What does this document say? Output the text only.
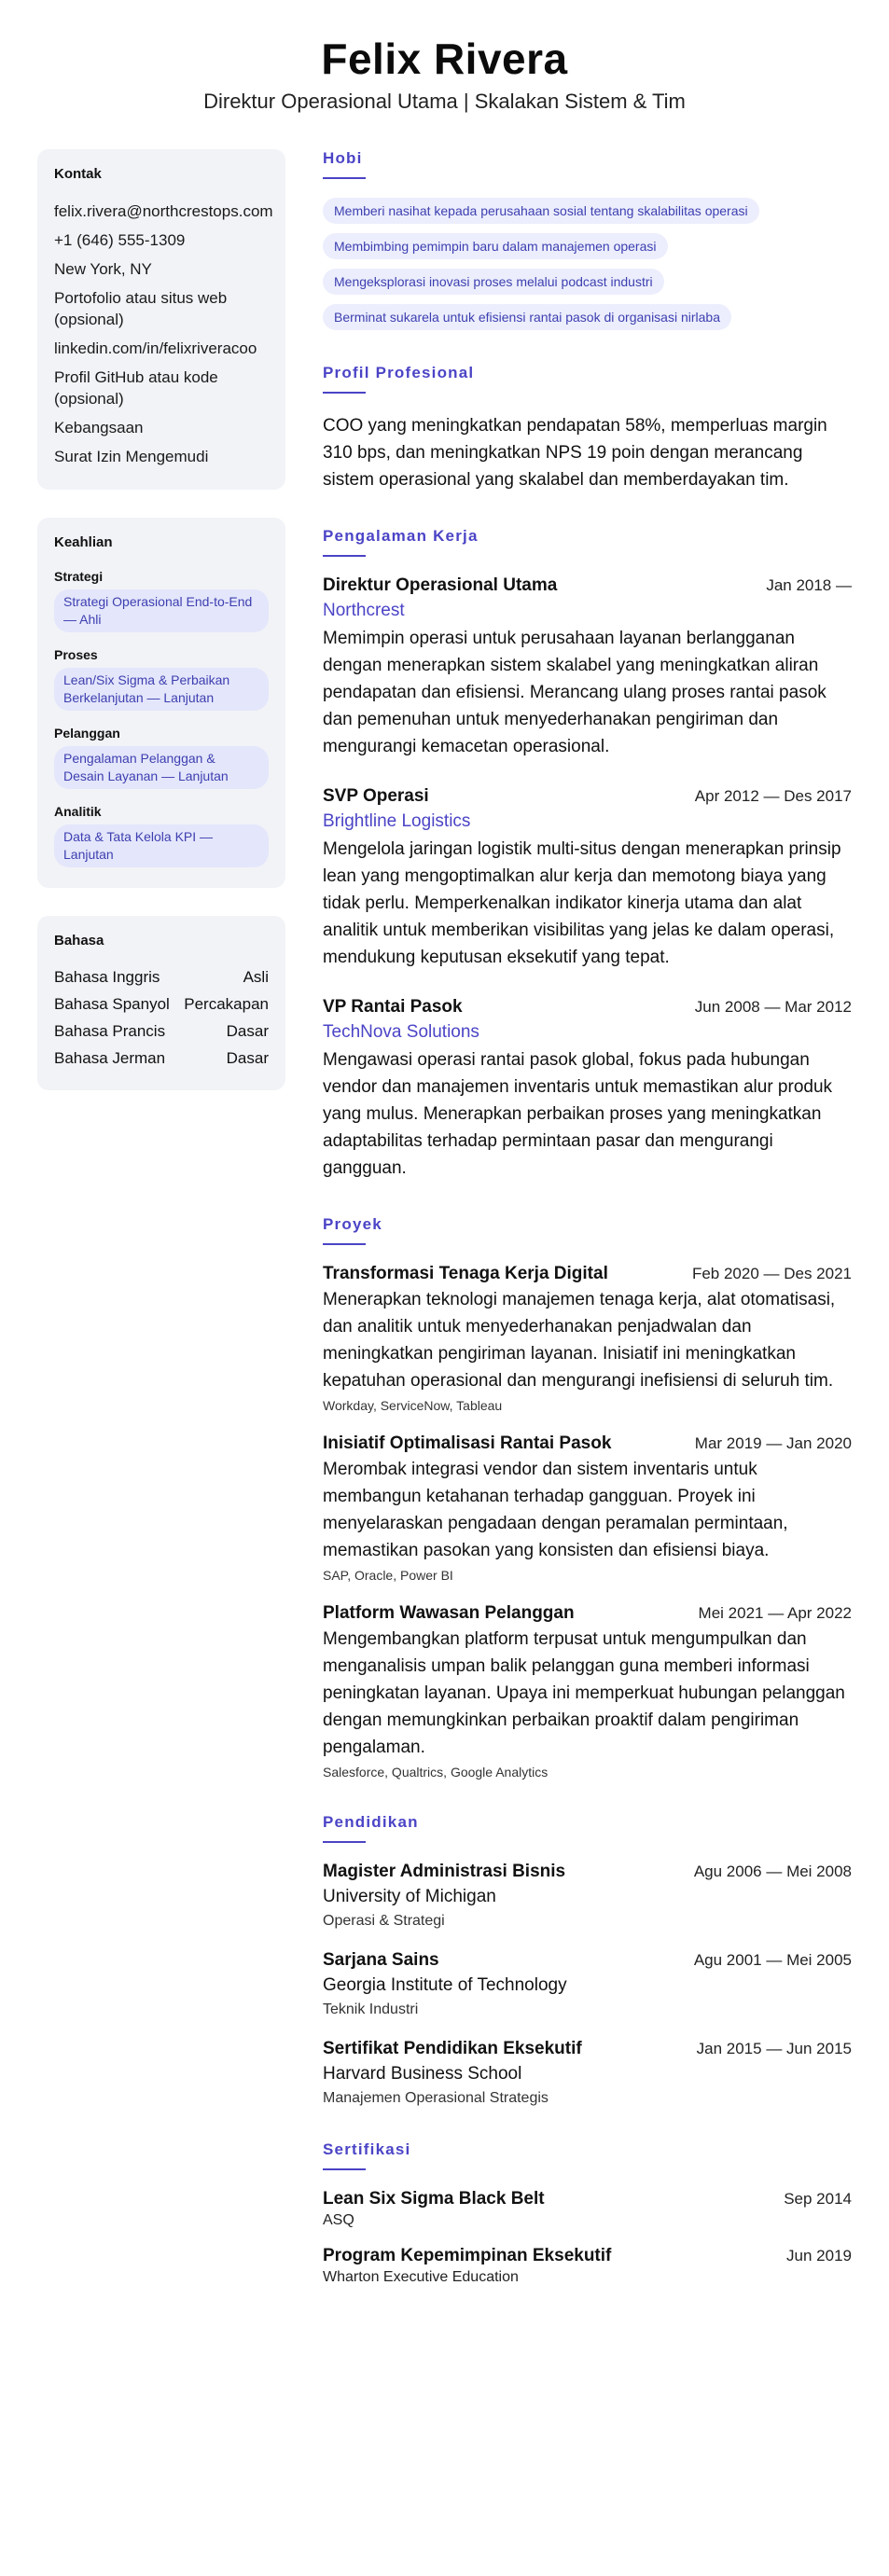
Felix Rivera
Direktur Operasional Utama | Skalakan Sistem & Tim
Kontak
felix.rivera@northcrestops.com
+1 (646) 555-1309
New York, NY
Portofolio atau situs web (opsional)
linkedin.com/in/felixriveracoo
Profil GitHub atau kode (opsional)
Kebangsaan
Surat Izin Mengemudi
Keahlian
Strategi
Strategi Operasional End-to-End — Ahli
Proses
Lean/Six Sigma & Perbaikan Berkelanjutan — Lanjutan
Pelanggan
Pengalaman Pelanggan & Desain Layanan — Lanjutan
Analitik
Data & Tata Kelola KPI — Lanjutan
Bahasa
Bahasa Inggris	Asli
Bahasa Spanyol Percakapan
Bahasa Prancis	Dasar
Bahasa Jerman	Dasar
Hobi
Memberi nasihat kepada perusahaan sosial tentang skalabilitas operasi
Membimbing pemimpin baru dalam manajemen operasi
Mengeksplorasi inovasi proses melalui podcast industri
Berminat sukarela untuk efisiensi rantai pasok di organisasi nirlaba
Profil Profesional

COO yang meningkatkan pendapatan 58%, memperluas margin 310 bps, dan meningkatkan NPS 19 poin dengan merancang sistem operasional yang skalabel dan memberdayakan tim.

Pengalaman Kerja
Direktur Operasional Utama	Jan 2018 —
Northcrest

Memimpin operasi untuk perusahaan layanan berlangganan dengan menerapkan sistem skalabel yang meningkatkan aliran pendapatan dan efisiensi. Merancang ulang proses rantai pasok dan pemenuhan untuk menyederhanakan pengiriman dan mengurangi kemacetan operasional.

SVP Operasi	Apr 2012 — Des 2017
Brightline Logistics

Mengelola jaringan logistik multi-situs dengan menerapkan prinsip lean yang mengoptimalkan alur kerja dan memotong biaya yang tidak perlu. Memperkenalkan indikator kinerja utama dan alat analitik untuk memberikan visibilitas yang jelas ke dalam operasi, mendukung keputusan eksekutif yang tepat.

VP Rantai Pasok	Jun 2008 — Mar 2012
TechNova Solutions

Mengawasi operasi rantai pasok global, fokus pada hubungan vendor dan manajemen inventaris untuk memastikan alur produk yang mulus. Menerapkan perbaikan proses yang meningkatkan adaptabilitas terhadap permintaan pasar dan mengurangi gangguan.

Proyek
Transformasi Tenaga Kerja Digital	Feb 2020 — Des 2021

Menerapkan teknologi manajemen tenaga kerja, alat otomatisasi, dan analitik untuk menyederhanakan penjadwalan dan meningkatkan pengiriman layanan. Inisiatif ini meningkatkan kepatuhan operasional dan mengurangi inefisiensi di seluruh tim.

Workday, ServiceNow, Tableau
Inisiatif Optimalisasi Rantai Pasok	Mar 2019 — Jan 2020

Merombak integrasi vendor dan sistem inventaris untuk membangun ketahanan terhadap gangguan. Proyek ini menyelaraskan pengadaan dengan peramalan permintaan, memastikan pasokan yang konsisten dan efisiensi biaya.

SAP, Oracle, Power BI
Platform Wawasan Pelanggan	Mei 2021 — Apr 2022

Mengembangkan platform terpusat untuk mengumpulkan dan menganalisis umpan balik pelanggan guna memberi informasi peningkatan layanan. Upaya ini memperkuat hubungan pelanggan dengan memungkinkan perbaikan proaktif dalam pengiriman pengalaman.

Salesforce, Qualtrics, Google Analytics
Pendidikan
Magister Administrasi Bisnis	Agu 2006 — Mei 2008
University of Michigan
Operasi & Strategi
Sarjana Sains	Agu 2001 — Mei 2005
Georgia Institute of Technology
Teknik Industri
Sertifikat Pendidikan Eksekutif	Jan 2015 — Jun 2015
Harvard Business School
Manajemen Operasional Strategis
Sertifikasi
Lean Six Sigma Black Belt	Sep 2014
ASQ
Program Kepemimpinan Eksekutif	Jun 2019
Wharton Executive Education
